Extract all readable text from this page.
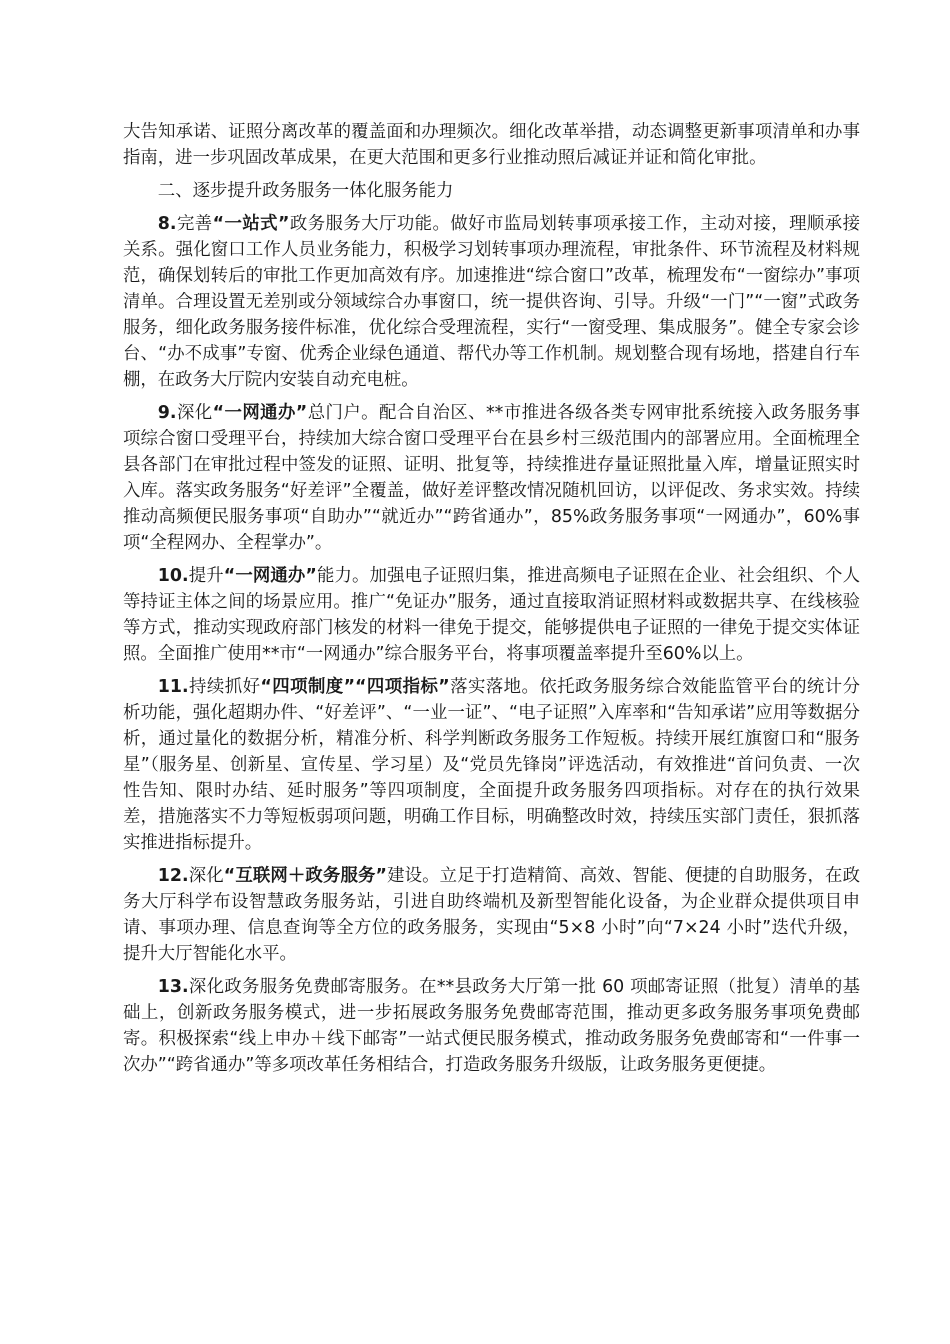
大告知承诺、证照分离改革的覆盖面和办理频次。细化改革举措，动态调整更新事项清单和办事指南，进一步巩固改革成果，在更大范围和更多行业推动照后减证并证和简化审批。

二、逐步提升政务服务一体化服务能力

8.完善“一站式”政务服务大厅功能。做好市监局划转事项承接工作，主动对接，理顺承接关系。强化窗口工作人员业务能力，积极学习划转事项办理流程，审批条件、环节流程及材料规范，确保划转后的审批工作更加高效有序。加速推进“综合窗口”改革，梳理发布“一窗综办”事项清单。合理设置无差别或分领域综合办事窗口，统一提供咨询、引导。升级“一门”“一窗”式政务服务，细化政务服务接件标准，优化综合受理流程，实行“一窗受理、集成服务”。健全专家会诊台、“办不成事”专窗、优秀企业绿色通道、帮代办等工作机制。规划整合现有场地，搭建自行车棚，在政务大厅院内安装自动充电桩。

9.深化“一网通办”总门户。配合自治区、**市推进各级各类专网审批系统接入政务服务事项综合窗口受理平台，持续加大综合窗口受理平台在县乡村三级范围内的部署应用。全面梳理全县各部门在审批过程中签发的证照、证明、批复等，持续推进存量证照批量入库，增量证照实时入库。落实政务服务“好差评”全覆盖，做好差评整改情况随机回访，以评促改、务求实效。持续推动高频便民服务事项“自助办”“就近办”“跨省通办”，85%政务服务事项“一网通办”，60%事项“全程网办、全程掌办”。

10.提升“一网通办”能力。加强电子证照归集，推进高频电子证照在企业、社会组织、个人等持证主体之间的场景应用。推广“免证办”服务，通过直接取消证照材料或数据共享、在线核验等方式，推动实现政府部门核发的材料一律免于提交，能够提供电子证照的一律免于提交实体证照。全面推广使用**市“一网通办”综合服务平台，将事项覆盖率提升至60%以上。

11.持续抓好“四项制度”“四项指标”落实落地。依托政务服务综合效能监管平台的统计分析功能，强化超期办件、“好差评”、“一业一证”、“电子证照”入库率和“告知承诺”应用等数据分析，通过量化的数据分析，精准分析、科学判断政务服务工作短板。持续开展红旗窗口和“服务星”（服务星、创新星、宣传星、学习星）及“党员先锋岗”评选活动，有效推进“首问负责、一次性告知、限时办结、延时服务”等四项制度，全面提升政务服务四项指标。对存在的执行效果差，措施落实不力等短板弱项问题，明确工作目标，明确整改时效，持续压实部门责任，狠抓落实推进指标提升。

12.深化“互联网＋政务服务”建设。立足于打造精简、高效、智能、便捷的自助服务，在政务大厅科学布设智慧政务服务站，引进自助终端机及新型智能化设备，为企业群众提供项目申请、事项办理、信息查询等全方位的政务服务，实现由“5×8 小时”向“7×24 小时”迭代升级，提升大厅智能化水平。

13.深化政务服务免费邮寄服务。在**县政务大厅第一批 60 项邮寄证照（批复）清单的基础上，创新政务服务模式，进一步拓展政务服务免费邮寄范围，推动更多政务服务事项免费邮寄。积极探索“线上申办＋线下邮寄”一站式便民服务模式，推动政务服务免费邮寄和“一件事一次办”“跨省通办”等多项改革任务相结合，打造政务服务升级版，让政务服务更便捷。
